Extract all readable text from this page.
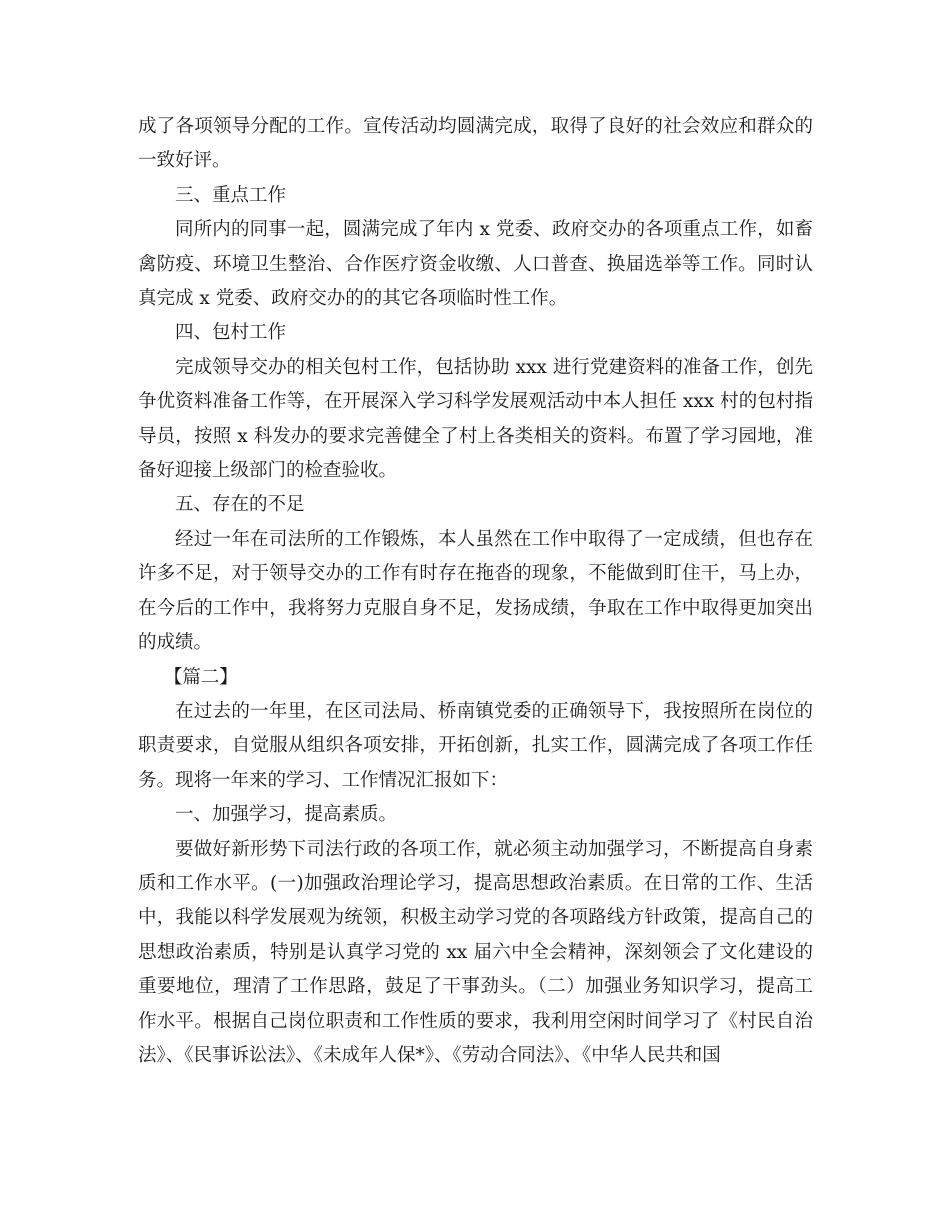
成了各项领导分配的工作。宣传活动均圆满完成，取得了良好的社会效应和群众的一致好评。

三、重点工作

同所内的同事一起，圆满完成了年内 x 党委、政府交办的各项重点工作，如畜禽防疫、环境卫生整治、合作医疗资金收缴、人口普查、换届选举等工作。同时认真完成 x 党委、政府交办的的其它各项临时性工作。

四、包村工作

完成领导交办的相关包村工作，包括协助 xxx 进行党建资料的准备工作，创先争优资料准备工作等，在开展深入学习科学发展观活动中本人担任 xxx 村的包村指导员，按照 x 科发办的要求完善健全了村上各类相关的资料。布置了学习园地，准备好迎接上级部门的检查验收。

五、存在的不足

经过一年在司法所的工作锻炼，本人虽然在工作中取得了一定成绩，但也存在许多不足，对于领导交办的工作有时存在拖沓的现象，不能做到盯住干，马上办，在今后的工作中，我将努力克服自身不足，发扬成绩，争取在工作中取得更加突出的成绩。

【篇二】

在过去的一年里，在区司法局、桥南镇党委的正确领导下，我按照所在岗位的职责要求，自觉服从组织各项安排，开拓创新，扎实工作，圆满完成了各项工作任务。现将一年来的学习、工作情况汇报如下：

一、加强学习，提高素质。

要做好新形势下司法行政的各项工作，就必须主动加强学习，不断提高自身素质和工作水平。(一)加强政治理论学习，提高思想政治素质。在日常的工作、生活中，我能以科学发展观为统领，积极主动学习党的各项路线方针政策，提高自己的思想政治素质，特别是认真学习党的 xx 届六中全会精神，深刻领会了文化建设的重要地位，理清了工作思路，鼓足了干事劲头。（二）加强业务知识学习，提高工作水平。根据自己岗位职责和工作性质的要求，我利用空闲时间学习了《村民自治法》、《民事诉讼法》、《未成年人保*》、《劳动合同法》、《中华人民共和国
